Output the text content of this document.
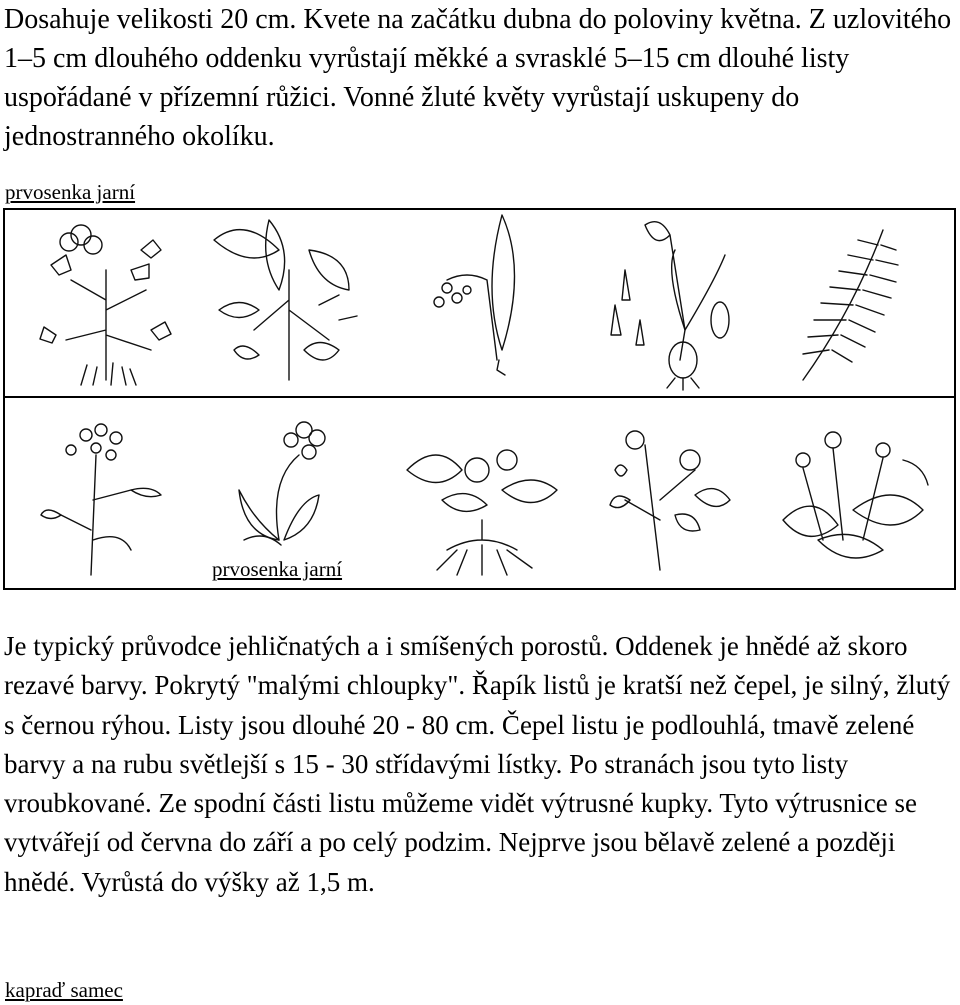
Dosahuje velikosti 20 cm. Kvete na začátku dubna do poloviny května. Z uzlovitého 1–5 cm dlouhého oddenku vyrůstají měkké a svrasklé 5–15 cm dlouhé listy uspořádané v přízemní růžici. Vonné žluté květy vyrůstají uskupeny do jednostranného okolíku.

prvosenka jarní
prvosenka jarní

Je typický průvodce jehličnatých a i smíšených porostů. Oddenek je hnědé až skoro rezavé barvy. Pokrytý "malými chloupky". Řapík listů je kratší než čepel, je silný, žlutý s černou rýhou. Listy jsou dlouhé 20 - 80 cm. Čepel listu je podlouhlá, tmavě zelené barvy a na rubu světlejší s 15 - 30 střídavými lístky. Po stranách jsou tyto listy vroubkované. Ze spodní části listu můžeme vidět výtrusné kupky. Tyto výtrusnice se vytvářejí od června do září a po celý podzim. Nejprve jsou bělavě zelené a později hnědé. Vyrůstá do výšky až 1,5 m.

kapraď samec
